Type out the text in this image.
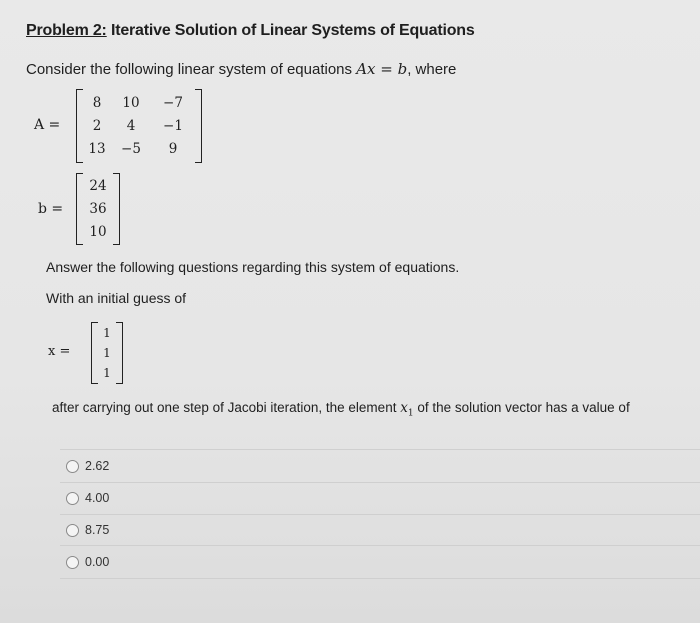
Problem 2: Iterative Solution of Linear Systems of Equations
Consider the following linear system of equations Ax = b, where
A =
8	10	−7
2	4	−1
13	−5	9
b =
24
36
10
Answer the following questions regarding this system of equations.
With an initial guess of
x =
1
1
1
after carrying out one step of Jacobi iteration, the element $x_1$ of the solution vector has a value of
2.62
4.00
8.75
0.00
